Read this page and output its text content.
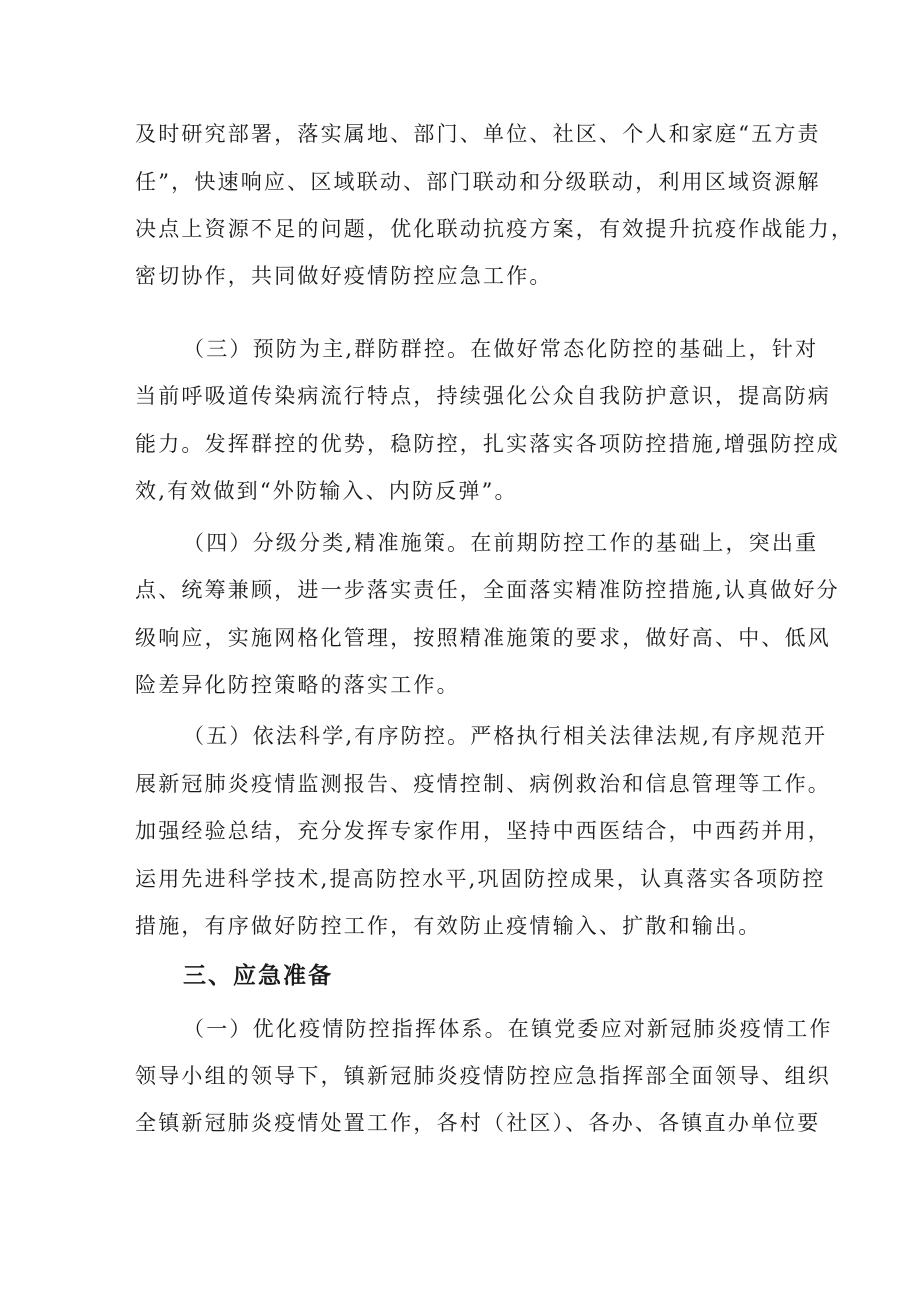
及时研究部署，落实属地、部门、单位、社区、个人和家庭“五方责
任”，快速响应、区域联动、部门联动和分级联动，利用区域资源解
决点上资源不足的问题，优化联动抗疫方案，有效提升抗疫作战能力，
密切协作，共同做好疫情防控应急工作。
（三）预防为主,群防群控。在做好常态化防控的基础上，针对
当前呼吸道传染病流行特点，持续强化公众自我防护意识，提高防病
能力。发挥群控的优势，稳防控，扎实落实各项防控措施,增强防控成
效,有效做到“外防输入、内防反弹”。
（四）分级分类,精准施策。在前期防控工作的基础上，突出重
点、统筹兼顾，进一步落实责任，全面落实精准防控措施,认真做好分
级响应，实施网格化管理，按照精准施策的要求，做好高、中、低风
险差异化防控策略的落实工作。
（五）依法科学,有序防控。严格执行相关法律法规,有序规范开
展新冠肺炎疫情监测报告、疫情控制、病例救治和信息管理等工作。
加强经验总结，充分发挥专家作用，坚持中西医结合，中西药并用，
运用先进科学技术,提高防控水平,巩固防控成果，认真落实各项防控
措施，有序做好防控工作，有效防止疫情输入、扩散和输出。
三、应急准备
（一）优化疫情防控指挥体系。在镇党委应对新冠肺炎疫情工作
领导小组的领导下，镇新冠肺炎疫情防控应急指挥部全面领导、组织
全镇新冠肺炎疫情处置工作，各村（社区）、各办、各镇直办单位要
